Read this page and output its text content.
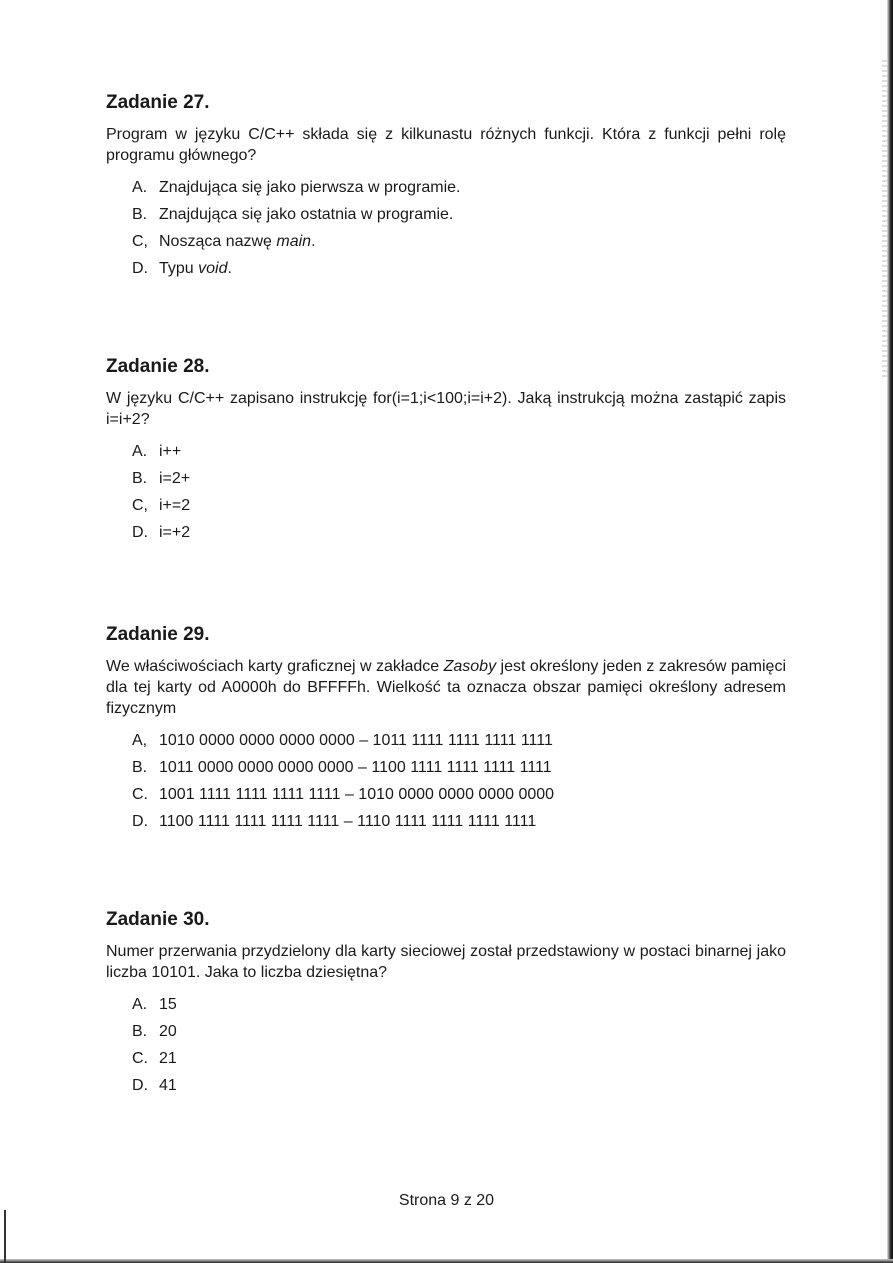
Zadanie 27.
Program w języku C/C++ składa się z kilkunastu różnych funkcji. Która z funkcji pełni rolę programu głównego?
A. Znajdująca się jako pierwsza w programie.
B. Znajdująca się jako ostatnia w programie.
C, Nosząca nazwę main.
D. Typu void.
Zadanie 28.
W języku C/C++ zapisano instrukcję for(i=1;i<100;i=i+2). Jaką instrukcją można zastąpić zapis i=i+2?
A. i++
B. i=2+
C, i+=2
D. i=+2
Zadanie 29.
We właściwościach karty graficznej w zakładce Zasoby jest określony jeden z zakresów pamięci dla tej karty od A0000h do BFFFFh. Wielkość ta oznacza obszar pamięci określony adresem fizycznym
A, 1010 0000 0000 0000 0000 – 1011 1111 1111 1111 1111
B. 1011 0000 0000 0000 0000 – 1100 1111 1111 1111 1111
C. 1001 1111 1111 1111 1111 – 1010 0000 0000 0000 0000
D. 1100 1111 1111 1111 1111 – 1110 1111 1111 1111 1111
Zadanie 30.
Numer przerwania przydzielony dla karty sieciowej został przedstawiony w postaci binarnej jako liczba 10101. Jaka to liczba dziesiętna?
A. 15
B. 20
C. 21
D. 41
Strona 9 z 20
